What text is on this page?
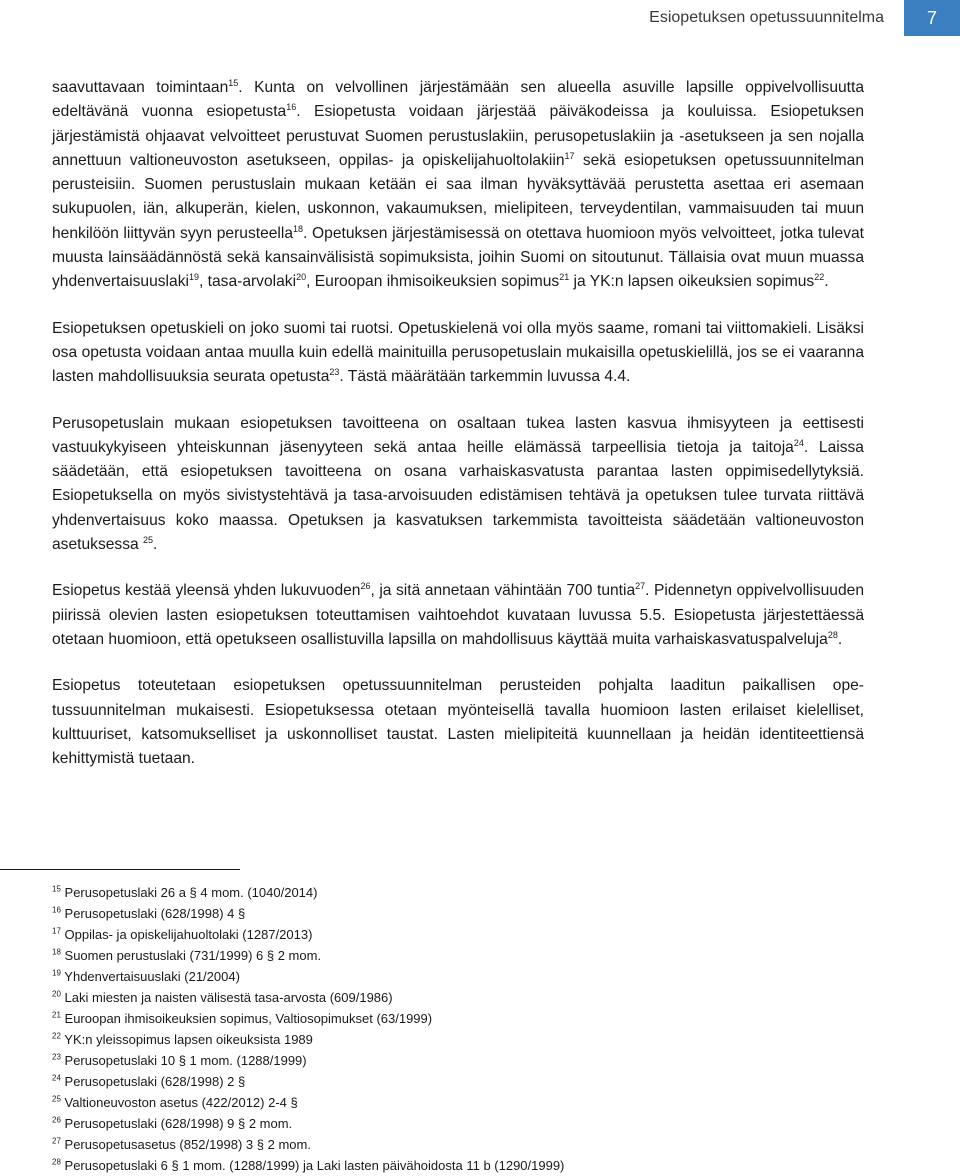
Esiopetuksen opetussuunnitelma	7

saavuttavaan toimintaan$^{15}$. Kunta on velvollinen järjestämään sen alueella asuville lapsille oppivelvollisuutta edeltävänä vuonna esiopetusta$^{16}$. Esiopetusta voidaan järjestää päiväkodeissa ja kouluissa. Esiopetuksen järjestämistä ohjaavat velvoitteet perustuvat Suomen perustuslakiin, perusopetuslakiin ja -asetukseen ja sen nojalla annettuun valtioneuvoston asetukseen, oppilas- ja opiskelijahuoltolakiin$^{17}$ sekä esiopetuksen opetussuunnitelman perusteisiin. Suomen perustuslain mukaan ketään ei saa ilman hyväksyttävää perustetta asettaa eri asemaan sukupuolen, iän, alkuperän, kielen, uskonnon, vakaumuksen, mielipiteen, terveydentilan, vammaisuuden tai muun henkilöön liittyvän syyn perusteella$^{18}$. Opetuksen järjestämisessä on otettava huomioon myös velvoitteet, jotka tulevat muusta lainsäädännöstä sekä kansainvälisistä sopimuksista, joihin Suomi on sitoutunut. Tällaisia ovat muun muassa yhdenvertaisuuslaki$^{19}$, tasa-arvolaki$^{20}$, Euroopan ihmisoikeuksien sopimus$^{21}$ ja YK:n lapsen oikeuksien sopimus$^{22}$.

Esiopetuksen opetuskieli on joko suomi tai ruotsi. Opetuskielenä voi olla myös saame, romani tai viittomakieli. Lisäksi osa opetusta voidaan antaa muulla kuin edellä mainituilla perusopetuslain mukaisilla opetuskielillä, jos se ei vaaranna lasten mahdollisuuksia seurata opetusta$^{23}$. Tästä määrätään tarkemmin luvussa 4.4.

Perusopetuslain mukaan esiopetuksen tavoitteena on osaltaan tukea lasten kasvua ihmisyyteen ja eettisesti vastuukykyiseen yhteiskunnan jäsenyyteen sekä antaa heille elämässä tarpeellisia tietoja ja taitoja$^{24}$. Laissa säädetään, että esiopetuksen tavoitteena on osana varhaiskasvatusta parantaa lasten oppimisedellytyksiä. Esiopetuksella on myös sivistystehtävä ja tasa-arvoisuuden edistämisen tehtävä ja opetuksen tulee turvata riittävä yhdenvertaisuus koko maassa. Opetuksen ja kasvatuksen tarkemmista tavoitteista säädetään valtioneuvoston asetuksessa $^{25}$.

Esiopetus kestää yleensä yhden lukuvuoden$^{26}$, ja sitä annetaan vähintään 700 tuntia$^{27}$. Pidennetyn oppivelvollisuuden piirissä olevien lasten esiopetuksen toteuttamisen vaihtoehdot kuvataan luvussa 5.5. Esiopetusta järjestettäessä otetaan huomioon, että opetukseen osallistuvilla lapsilla on mahdollisuus käyttää muita varhaiskasvatuspalveluja$^{28}$.

Esiopetus toteutetaan esiopetuksen opetussuunnitelman perusteiden pohjalta laaditun paikallisen opetussuunnitelman mukaisesti. Esiopetuksessa otetaan myönteisellä tavalla huomioon lasten erilaiset kielelliset, kulttuuriset, katsomukselliset ja uskonnolliset taustat. Lasten mielipiteitä kuunnellaan ja heidän identiteettiensä kehittymistä tuetaan.

$^{15}$ Perusopetuslaki 26 a § 4 mom. (1040/2014)
$^{16}$ Perusopetuslaki (628/1998) 4 §
$^{17}$ Oppilas- ja opiskelijahuoltolaki (1287/2013)
$^{18}$ Suomen perustuslaki (731/1999) 6 § 2 mom.
$^{19}$ Yhdenvertaisuuslaki (21/2004)
$^{20}$ Laki miesten ja naisten välisestä tasa-arvosta (609/1986)
$^{21}$ Euroopan ihmisoikeuksien sopimus, Valtiosopimukset (63/1999)
$^{22}$ YK:n yleissopimus lapsen oikeuksista 1989
$^{23}$ Perusopetuslaki 10 § 1 mom. (1288/1999)
$^{24}$ Perusopetuslaki (628/1998) 2 §
$^{25}$ Valtioneuvoston asetus (422/2012) 2-4 §
$^{26}$ Perusopetuslaki (628/1998) 9 § 2 mom.
$^{27}$ Perusopetusasetus (852/1998) 3 § 2 mom.
$^{28}$ Perusopetuslaki 6 § 1 mom. (1288/1999) ja Laki lasten päivähoidosta 11 b (1290/1999)
